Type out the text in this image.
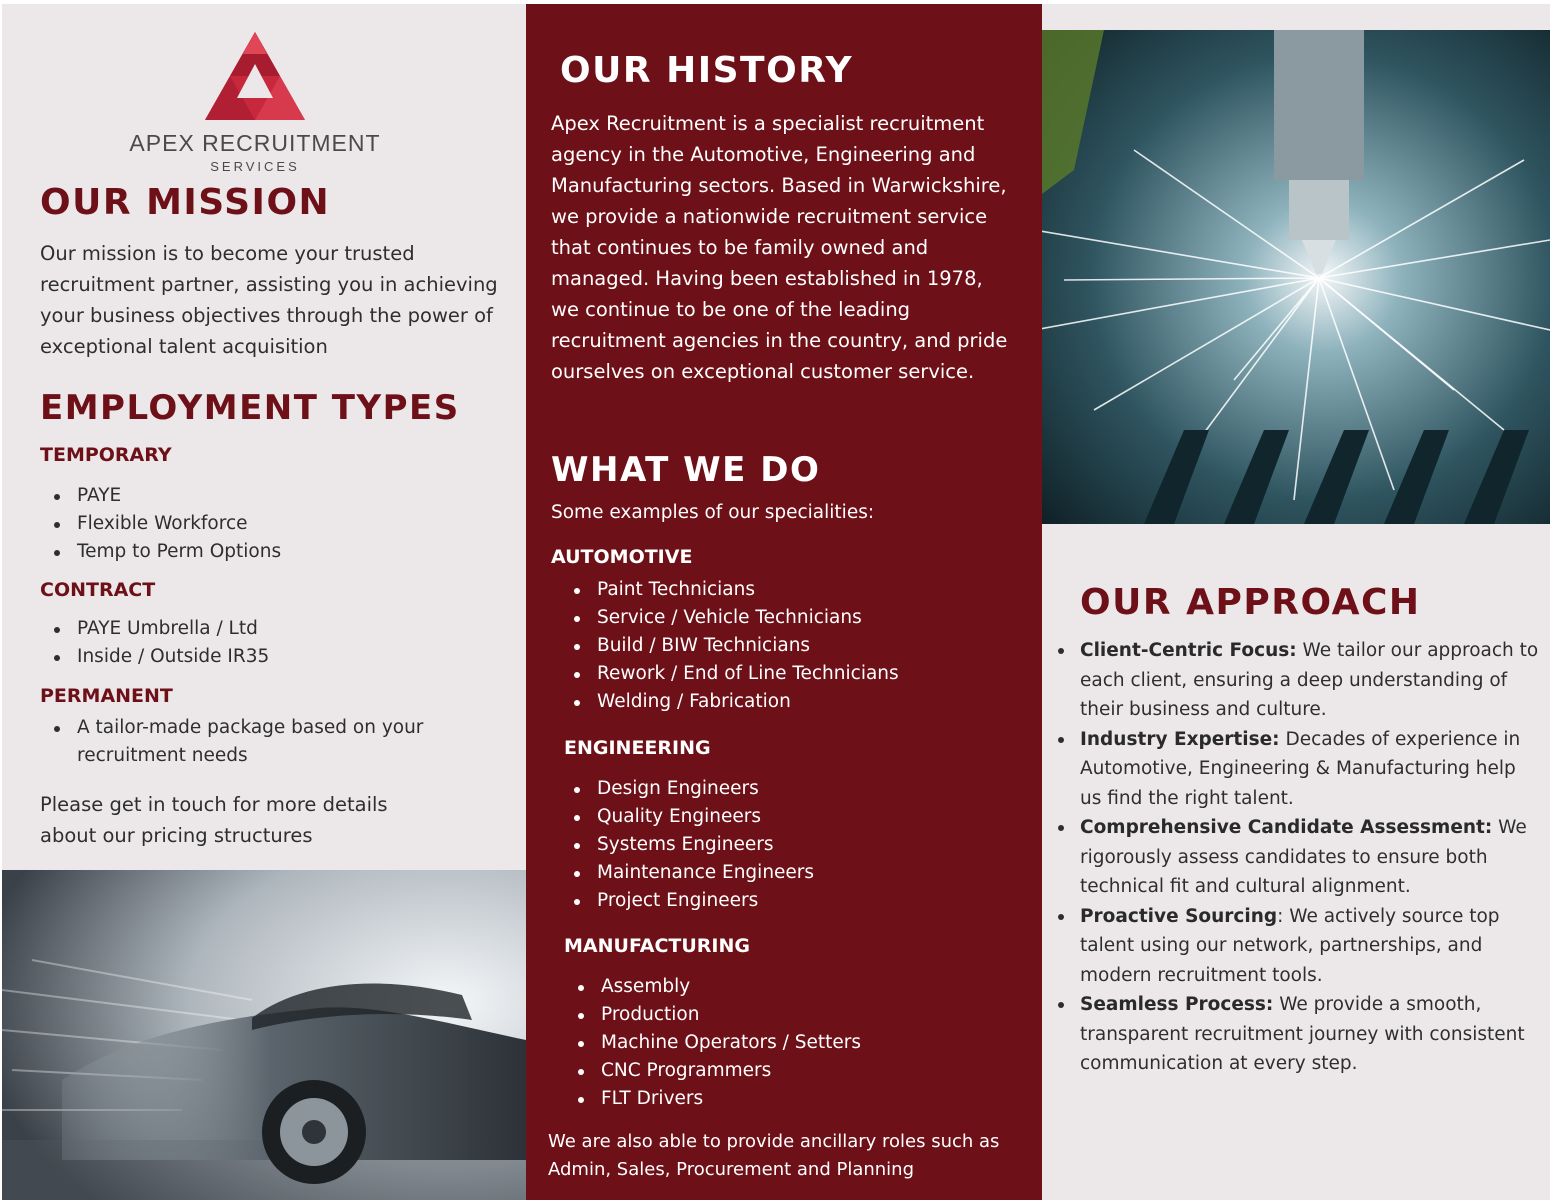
APEX RECRUITMENT
SERVICES
OUR MISSION
Our mission is to become your trusted recruitment partner, assisting you in achieving your business objectives through the power of exceptional talent acquisition
EMPLOYMENT TYPES
TEMPORARY
PAYE
Flexible Workforce
Temp to Perm Options
CONTRACT
PAYE Umbrella / Ltd
Inside / Outside IR35
PERMANENT
A tailor-made package based on your recruitment needs
Please get in touch for more details about our pricing structures
OUR HISTORY
Apex Recruitment is a specialist recruitment agency in the Automotive, Engineering and Manufacturing sectors. Based in Warwickshire, we provide a nationwide recruitment service that continues to be family owned and managed. Having been established in 1978, we continue to be one of the leading recruitment agencies in the country, and pride ourselves on exceptional customer service.
WHAT WE DO
Some examples of our specialities:
AUTOMOTIVE
Paint Technicians
Service / Vehicle Technicians
Build / BIW Technicians
Rework / End of Line Technicians
Welding / Fabrication
ENGINEERING
Design Engineers
Quality Engineers
Systems Engineers
Maintenance Engineers
Project Engineers
MANUFACTURING
Assembly
Production
Machine Operators / Setters
CNC Programmers
FLT Drivers
We are also able to provide ancillary roles such as Admin, Sales, Procurement and Planning
OUR APPROACH
Client-Centric Focus: We tailor our approach to each client, ensuring a deep understanding of their business and culture.
Industry Expertise: Decades of experience in Automotive, Engineering & Manufacturing help us find the right talent.
Comprehensive Candidate Assessment: We rigorously assess candidates to ensure both technical fit and cultural alignment.
Proactive Sourcing: We actively source top talent using our network, partnerships, and modern recruitment tools.
Seamless Process: We provide a smooth, transparent recruitment journey with consistent communication at every step.
